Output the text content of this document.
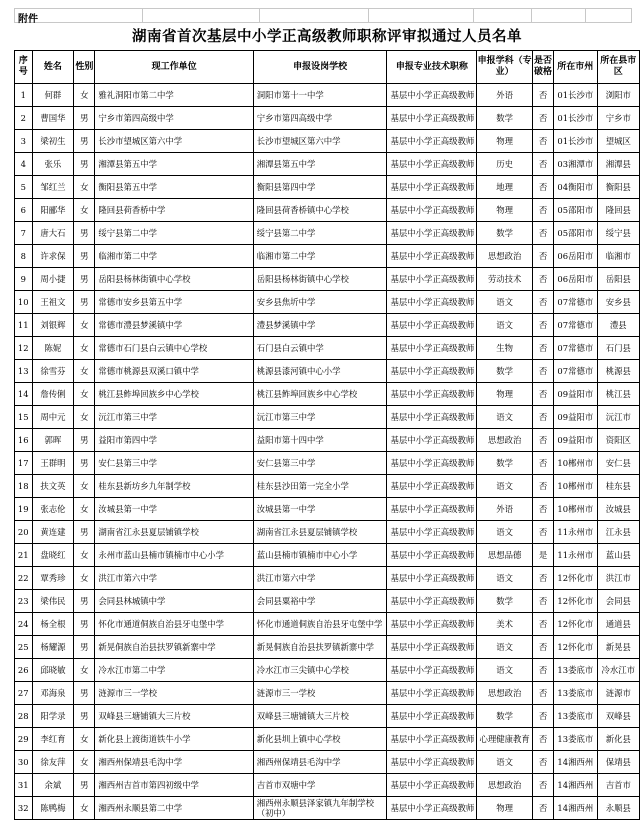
附件
湖南省首次基层中小学正高级教师职称评审拟通过人员名单									
序号	姓名	性别	现工作单位	申报设岗学校	申报专业技术职称	申报学科（专业）	是否破格	所在市州	所在县市区
1	何群	女	雅礼洞阳市第二中学	洞阳市第十一中学	基层中小学正高级教师	外语	否	01长沙市	浏阳市
2	曹国华	男	宁乡市第四高级中学	宁乡市第四高级中学	基层中小学正高级教师	数学	否	01长沙市	宁乡市
3	梁初生	男	长沙市望城区第六中学	长沙市望城区第六中学	基层中小学正高级教师	物理	否	01长沙市	望城区
4	张乐	男	湘潭县第五中学	湘潭县第五中学	基层中小学正高级教师	历史	否	03湘潭市	湘潭县
5	邹红兰	女	衡阳县第五中学	衡阳县第四中学	基层中小学正高级教师	地理	否	04衡阳市	衡阳县
6	阳郦华	女	隆回县荷香桥中学	隆回县荷香桥镇中心学校	基层中小学正高级教师	物理	否	05邵阳市	隆回县
7	唐大石	男	绥宁县第二中学	绥宁县第二中学	基层中小学正高级教师	数学	否	05邵阳市	绥宁县
8	许求保	男	临湘市第二中学	临湘市第二中学	基层中小学正高级教师	思想政治	否	06岳阳市	临湘市
9	周小捷	男	岳阳县杨林街镇中心学校	岳阳县杨林街镇中心学校	基层中小学正高级教师	劳动技术	否	06岳阳市	岳阳县
10	王祖文	男	常德市安乡县第五中学	安乡县焦圻中学	基层中小学正高级教师	语文	否	07常德市	安乡县
11	刘银辉	女	常德市澧县梦溪镇中学	澧县梦溪镇中学	基层中小学正高级教师	语文	否	07常德市	澧县
12	陈妮	女	常德市石门县白云镇中心学校	石门县白云镇中学	基层中小学正高级教师	生物	否	07常德市	石门县
13	徐雪芬	女	常德市桃源县双溪口镇中学	桃源县漆河镇中心小学	基层中小学正高级教师	数学	否	07常德市	桃源县
14	詹传俐	女	桃江县鲊埠回族乡中心学校	桃江县鲊埠回族乡中心学校	基层中小学正高级教师	物理	否	09益阳市	桃江县
15	周中元	女	沅江市第三中学	沅江市第三中学	基层中小学正高级教师	语文	否	09益阳市	沅江市
16	郭晖	男	益阳市第四中学	益阳市第十四中学	基层中小学正高级教师	思想政治	否	09益阳市	资阳区
17	王群明	男	安仁县第三中学	安仁县第三中学	基层中小学正高级教师	数学	否	10郴州市	安仁县
18	扶文英	女	桂东县新坊乡九年制学校	桂东县沙田第一完全小学	基层中小学正高级教师	语文	否	10郴州市	桂东县
19	张志伦	女	汝城县第一中学	汝城县第一中学	基层中小学正高级教师	外语	否	10郴州市	汝城县
20	黄连建	男	湖南省江永县夏层铺镇学校	湖南省江永县夏层铺镇学校	基层中小学正高级教师	语文	否	11永州市	江永县
21	盘晓红	女	永州市蓝山县楠市镇楠市中心小学	蓝山县楠市镇楠市中心小学	基层中小学正高级教师	思想品德	是	11永州市	蓝山县
22	覃秀珍	女	洪江市第六中学	洪江市第六中学	基层中小学正高级教师	语文	否	12怀化市	洪江市
23	梁伟民	男	会同县林城镇中学	会同县粟裕中学	基层中小学正高级教师	数学	否	12怀化市	会同县
24	杨全根	男	怀化市通道侗族自治县牙屯堡中学	怀化市通道侗族自治县牙屯堡中学	基层中小学正高级教师	美术	否	12怀化市	通道县
25	杨耀源	男	新晃侗族自治县扶罗镇新寨中学	新晃侗族自治县扶罗镇新寨中学	基层中小学正高级教师	语文	否	12怀化市	新晃县
26	邱晓敏	女	冷水江市第二中学	冷水江市三尖镇中心学校	基层中小学正高级教师	语文	否	13娄底市	冷水江市
27	邓海泉	男	涟源市三一学校	涟源市三一学校	基层中小学正高级教师	思想政治	否	13娄底市	涟源市
28	阳学录	男	双峰县三塘铺镇大三片校	双峰县三塘铺镇大三片校	基层中小学正高级教师	数学	否	13娄底市	双峰县
29	李红育	女	新化县上渡街道铁牛小学	新化县圳上镇中心学校	基层中小学正高级教师	心理健康教育	否	13娄底市	新化县
30	徐友萍	女	湘西州保靖县毛沟中学	湘西州保靖县毛沟中学	基层中小学正高级教师	语文	否	14湘西州	保靖县
31	余斌	男	湘西州吉首市第四初级中学	吉首市双塘中学	基层中小学正高级教师	思想政治	否	14湘西州	吉首市
32	陈鸭梅	女	湘西州永顺县第二中学	湘西州永顺县泽家镇九年制学校（初中）	基层中小学正高级教师	物理	否	14湘西州	永顺县
